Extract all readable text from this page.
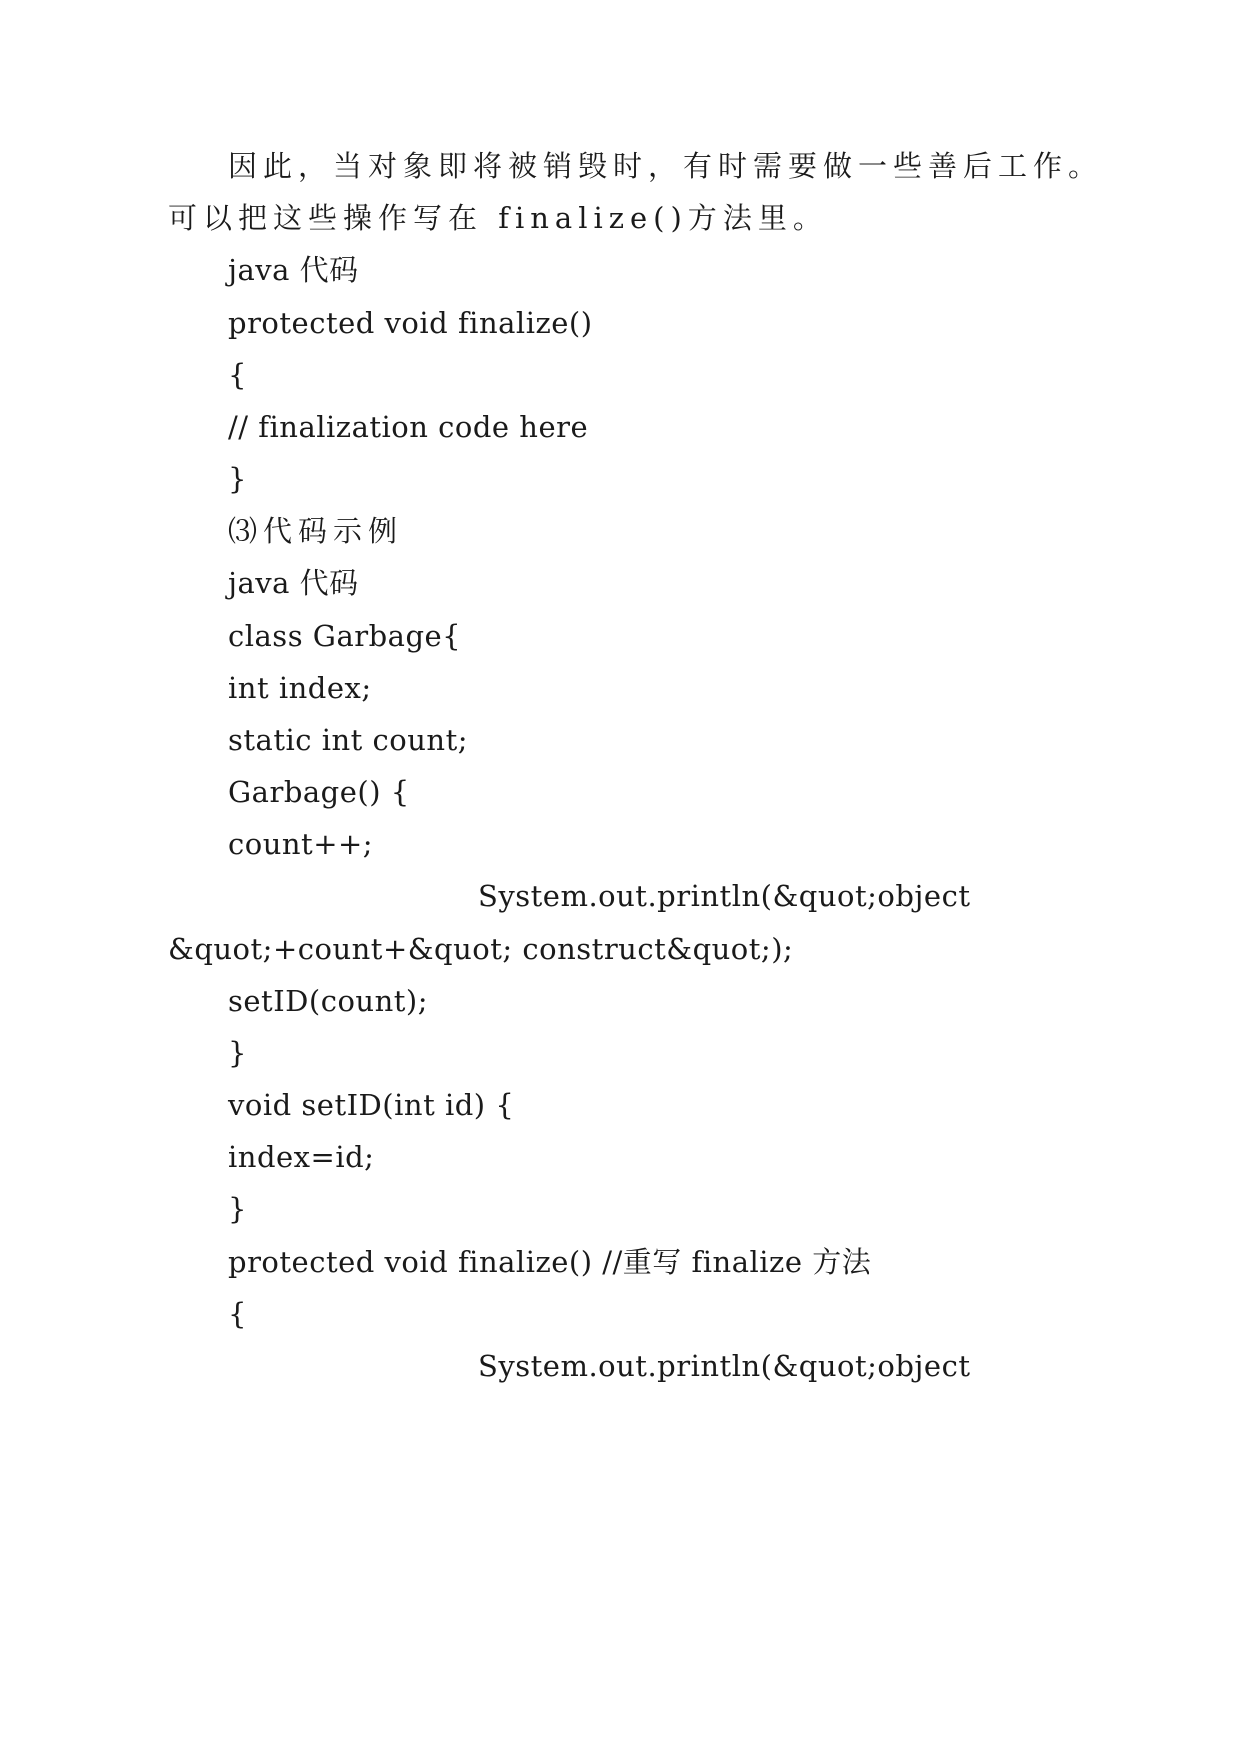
因此，当对象即将被销毁时，有时需要做一些善后工作。
可以把这些操作写在 finalize()方法里。
java 代码
protected void finalize()
{
// finalization code here
}
⑶代码示例
java 代码
class Garbage{
int index;
static int count;
Garbage() {
count++;
System.out.println(&quot;object
&quot;+count+&quot; construct&quot;);
setID(count);
}
void setID(int id) {
index=id;
}
protected void finalize() //重写 finalize 方法
{
System.out.println(&quot;object
